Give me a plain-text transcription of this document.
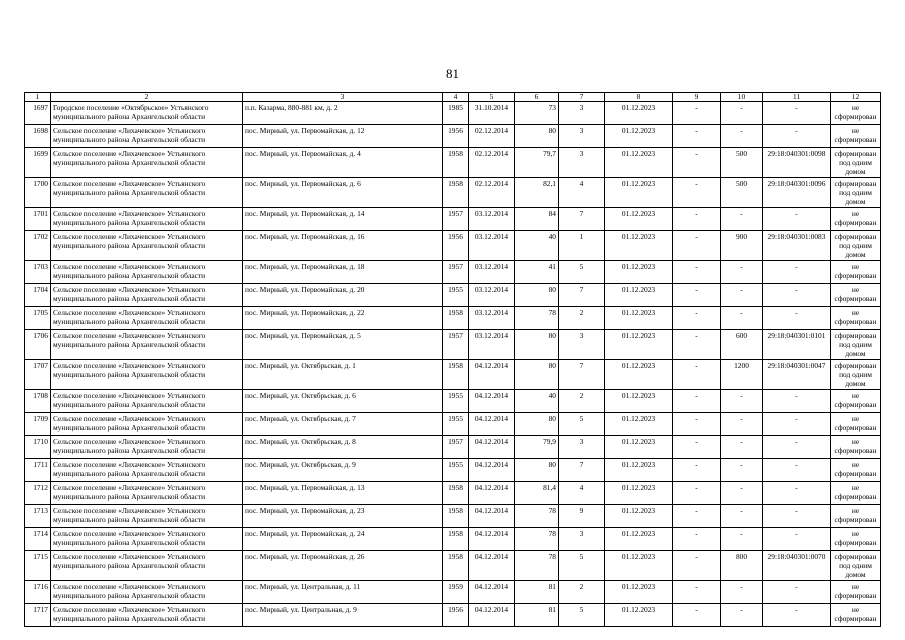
81
1	2	3	4	5	6	7	8	9	10	11	12
1697	Городское поселение «Октябрьское» Устьянского муниципального района Архангельской области	п.п. Казарма, 880-881 км, д. 2	1985	31.10.2014	73	3	01.12.2023	-	-	-	не сформирован
1698	Сельское поселение «Лихачевское» Устьянского муниципального района Архангельской области	пос. Мирный, ул. Первомайская, д. 12	1956	02.12.2014	80	3	01.12.2023	-	-	-	не сформирован
1699	Сельское поселение «Лихачевское» Устьянского муниципального района Архангельской области	пос. Мирный, ул. Первомайская, д. 4	1958	02.12.2014	79,7	3	01.12.2023	-	500	29:18:040301:0098	сформирован под одним домом
1700	Сельское поселение «Лихачевское» Устьянского муниципального района Архангельской области	пос. Мирный, ул. Первомайская, д. 6	1958	02.12.2014	82,1	4	01.12.2023	-	500	29:18:040301:0096	сформирован под одним домом
1701	Сельское поселение «Лихачевское» Устьянского муниципального района Архангельской области	пос. Мирный, ул. Первомайская, д. 14	1957	03.12.2014	84	7	01.12.2023	-	-	-	не сформирован
1702	Сельское поселение «Лихачевское» Устьянского муниципального района Архангельской области	пос. Мирный, ул. Первомайская, д. 16	1956	03.12.2014	40	1	01.12.2023	-	900	29:18:040301:0083	сформирован под одним домом
1703	Сельское поселение «Лихачевское» Устьянского муниципального района Архангельской области	пос. Мирный, ул. Первомайская, д. 18	1957	03.12.2014	41	5	01.12.2023	-	-	-	не сформирован
1704	Сельское поселение «Лихачевское» Устьянского муниципального района Архангельской области	пос. Мирный, ул. Первомайская, д. 20	1955	03.12.2014	80	7	01.12.2023	-	-	-	не сформирован
1705	Сельское поселение «Лихачевское» Устьянского муниципального района Архангельской области	пос. Мирный, ул. Первомайская, д. 22	1958	03.12.2014	78	2	01.12.2023	-	-	-	не сформирован
1706	Сельское поселение «Лихачевское» Устьянского муниципального района Архангельской области	пос. Мирный, ул. Первомайская, д. 5	1957	03.12.2014	80	3	01.12.2023	-	600	29:18:040301:0101	сформирован под одним домом
1707	Сельское поселение «Лихачевское» Устьянского муниципального района Архангельской области	пос. Мирный, ул. Октябрьская, д. 1	1958	04.12.2014	80	7	01.12.2023	-	1200	29:18:040301:0047	сформирован под одним домом
1708	Сельское поселение «Лихачевское» Устьянского муниципального района Архангельской области	пос. Мирный, ул. Октябрьская, д. 6	1955	04.12.2014	40	2	01.12.2023	-	-	-	не сформирован
1709	Сельское поселение «Лихачевское» Устьянского муниципального района Архангельской области	пос. Мирный, ул. Октябрьская, д. 7	1955	04.12.2014	80	5	01.12.2023	-	-	-	не сформирован
1710	Сельское поселение «Лихачевское» Устьянского муниципального района Архангельской области	пос. Мирный, ул. Октябрьская, д. 8	1957	04.12.2014	79,9	3	01.12.2023	-	-	-	не сформирован
1711	Сельское поселение «Лихачевское» Устьянского муниципального района Архангельской области	пос. Мирный, ул. Октябрьская, д. 9	1955	04.12.2014	80	7	01.12.2023	-	-	-	не сформирован
1712	Сельское поселение «Лихачевское» Устьянского муниципального района Архангельской области	пос. Мирный, ул. Первомайская, д. 13	1958	04.12.2014	81,4	4	01.12.2023	-	-	-	не сформирован
1713	Сельское поселение «Лихачевское» Устьянского муниципального района Архангельской области	пос. Мирный, ул. Первомайская, д. 23	1958	04.12.2014	78	9	01.12.2023	-	-	-	не сформирован
1714	Сельское поселение «Лихачевское» Устьянского муниципального района Архангельской области	пос. Мирный, ул. Первомайская, д. 24	1958	04.12.2014	78	3	01.12.2023	-	-	-	не сформирован
1715	Сельское поселение «Лихачевское» Устьянского муниципального района Архангельской области	пос. Мирный, ул. Первомайская, д. 26	1958	04.12.2014	78	5	01.12.2023	-	800	29:18:040301:0070	сформирован под одним домом
1716	Сельское поселение «Лихачевское» Устьянского муниципального района Архангельской области	пос. Мирный, ул. Центральная, д. 11	1959	04.12.2014	81	2	01.12.2023	-	-	-	не сформирован
1717	Сельское поселение «Лихачевское» Устьянского муниципального района Архангельской области	пос. Мирный, ул. Центральная, д. 9	1956	04.12.2014	81	5	01.12.2023	-	-	-	не сформирован
